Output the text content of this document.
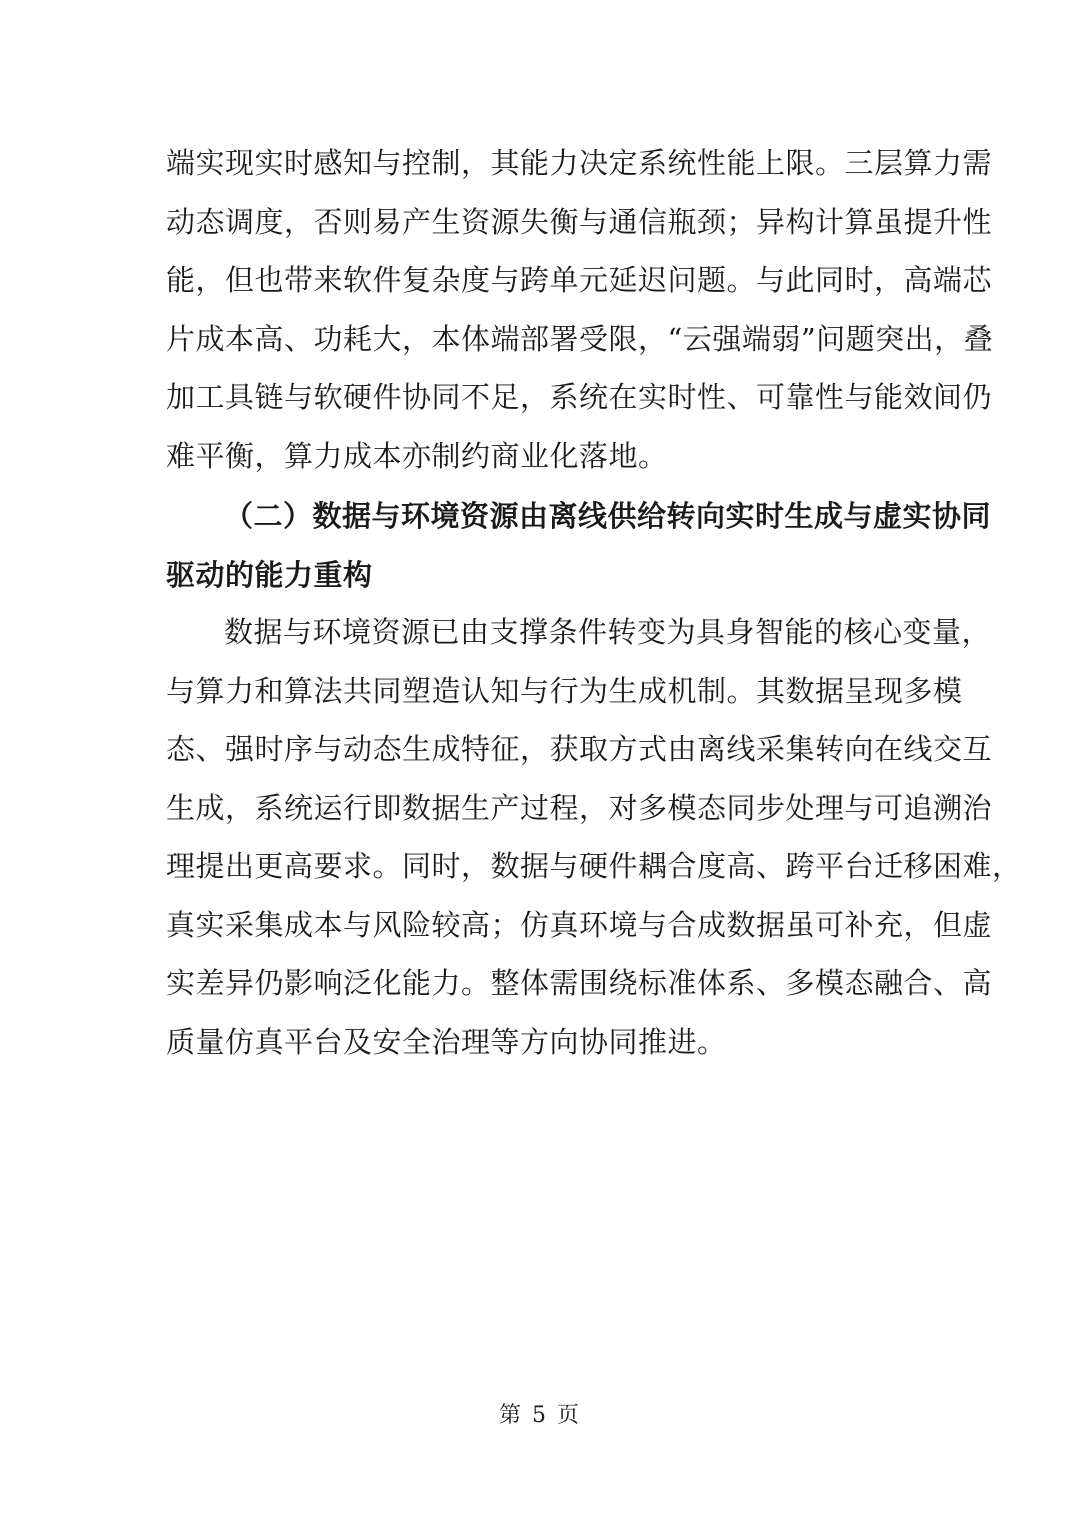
端实现实时感知与控制，其能力决定系统性能上限。三层算力需
动态调度，否则易产生资源失衡与通信瓶颈；异构计算虽提升性
能，但也带来软件复杂度与跨单元延迟问题。与此同时，高端芯
片成本高、功耗大，本体端部署受限，“云强端弱”问题突出，叠
加工具链与软硬件协同不足，系统在实时性、可靠性与能效间仍
难平衡，算力成本亦制约商业化落地。
（二）数据与环境资源由离线供给转向实时生成与虚实协同
驱动的能力重构
数据与环境资源已由支撑条件转变为具身智能的核心变量，
与算力和算法共同塑造认知与行为生成机制。其数据呈现多模
态、强时序与动态生成特征，获取方式由离线采集转向在线交互
生成，系统运行即数据生产过程，对多模态同步处理与可追溯治
理提出更高要求。同时，数据与硬件耦合度高、跨平台迁移困难，
真实采集成本与风险较高；仿真环境与合成数据虽可补充，但虚
实差异仍影响泛化能力。整体需围绕标准体系、多模态融合、高
质量仿真平台及安全治理等方向协同推进。
第 5 页
